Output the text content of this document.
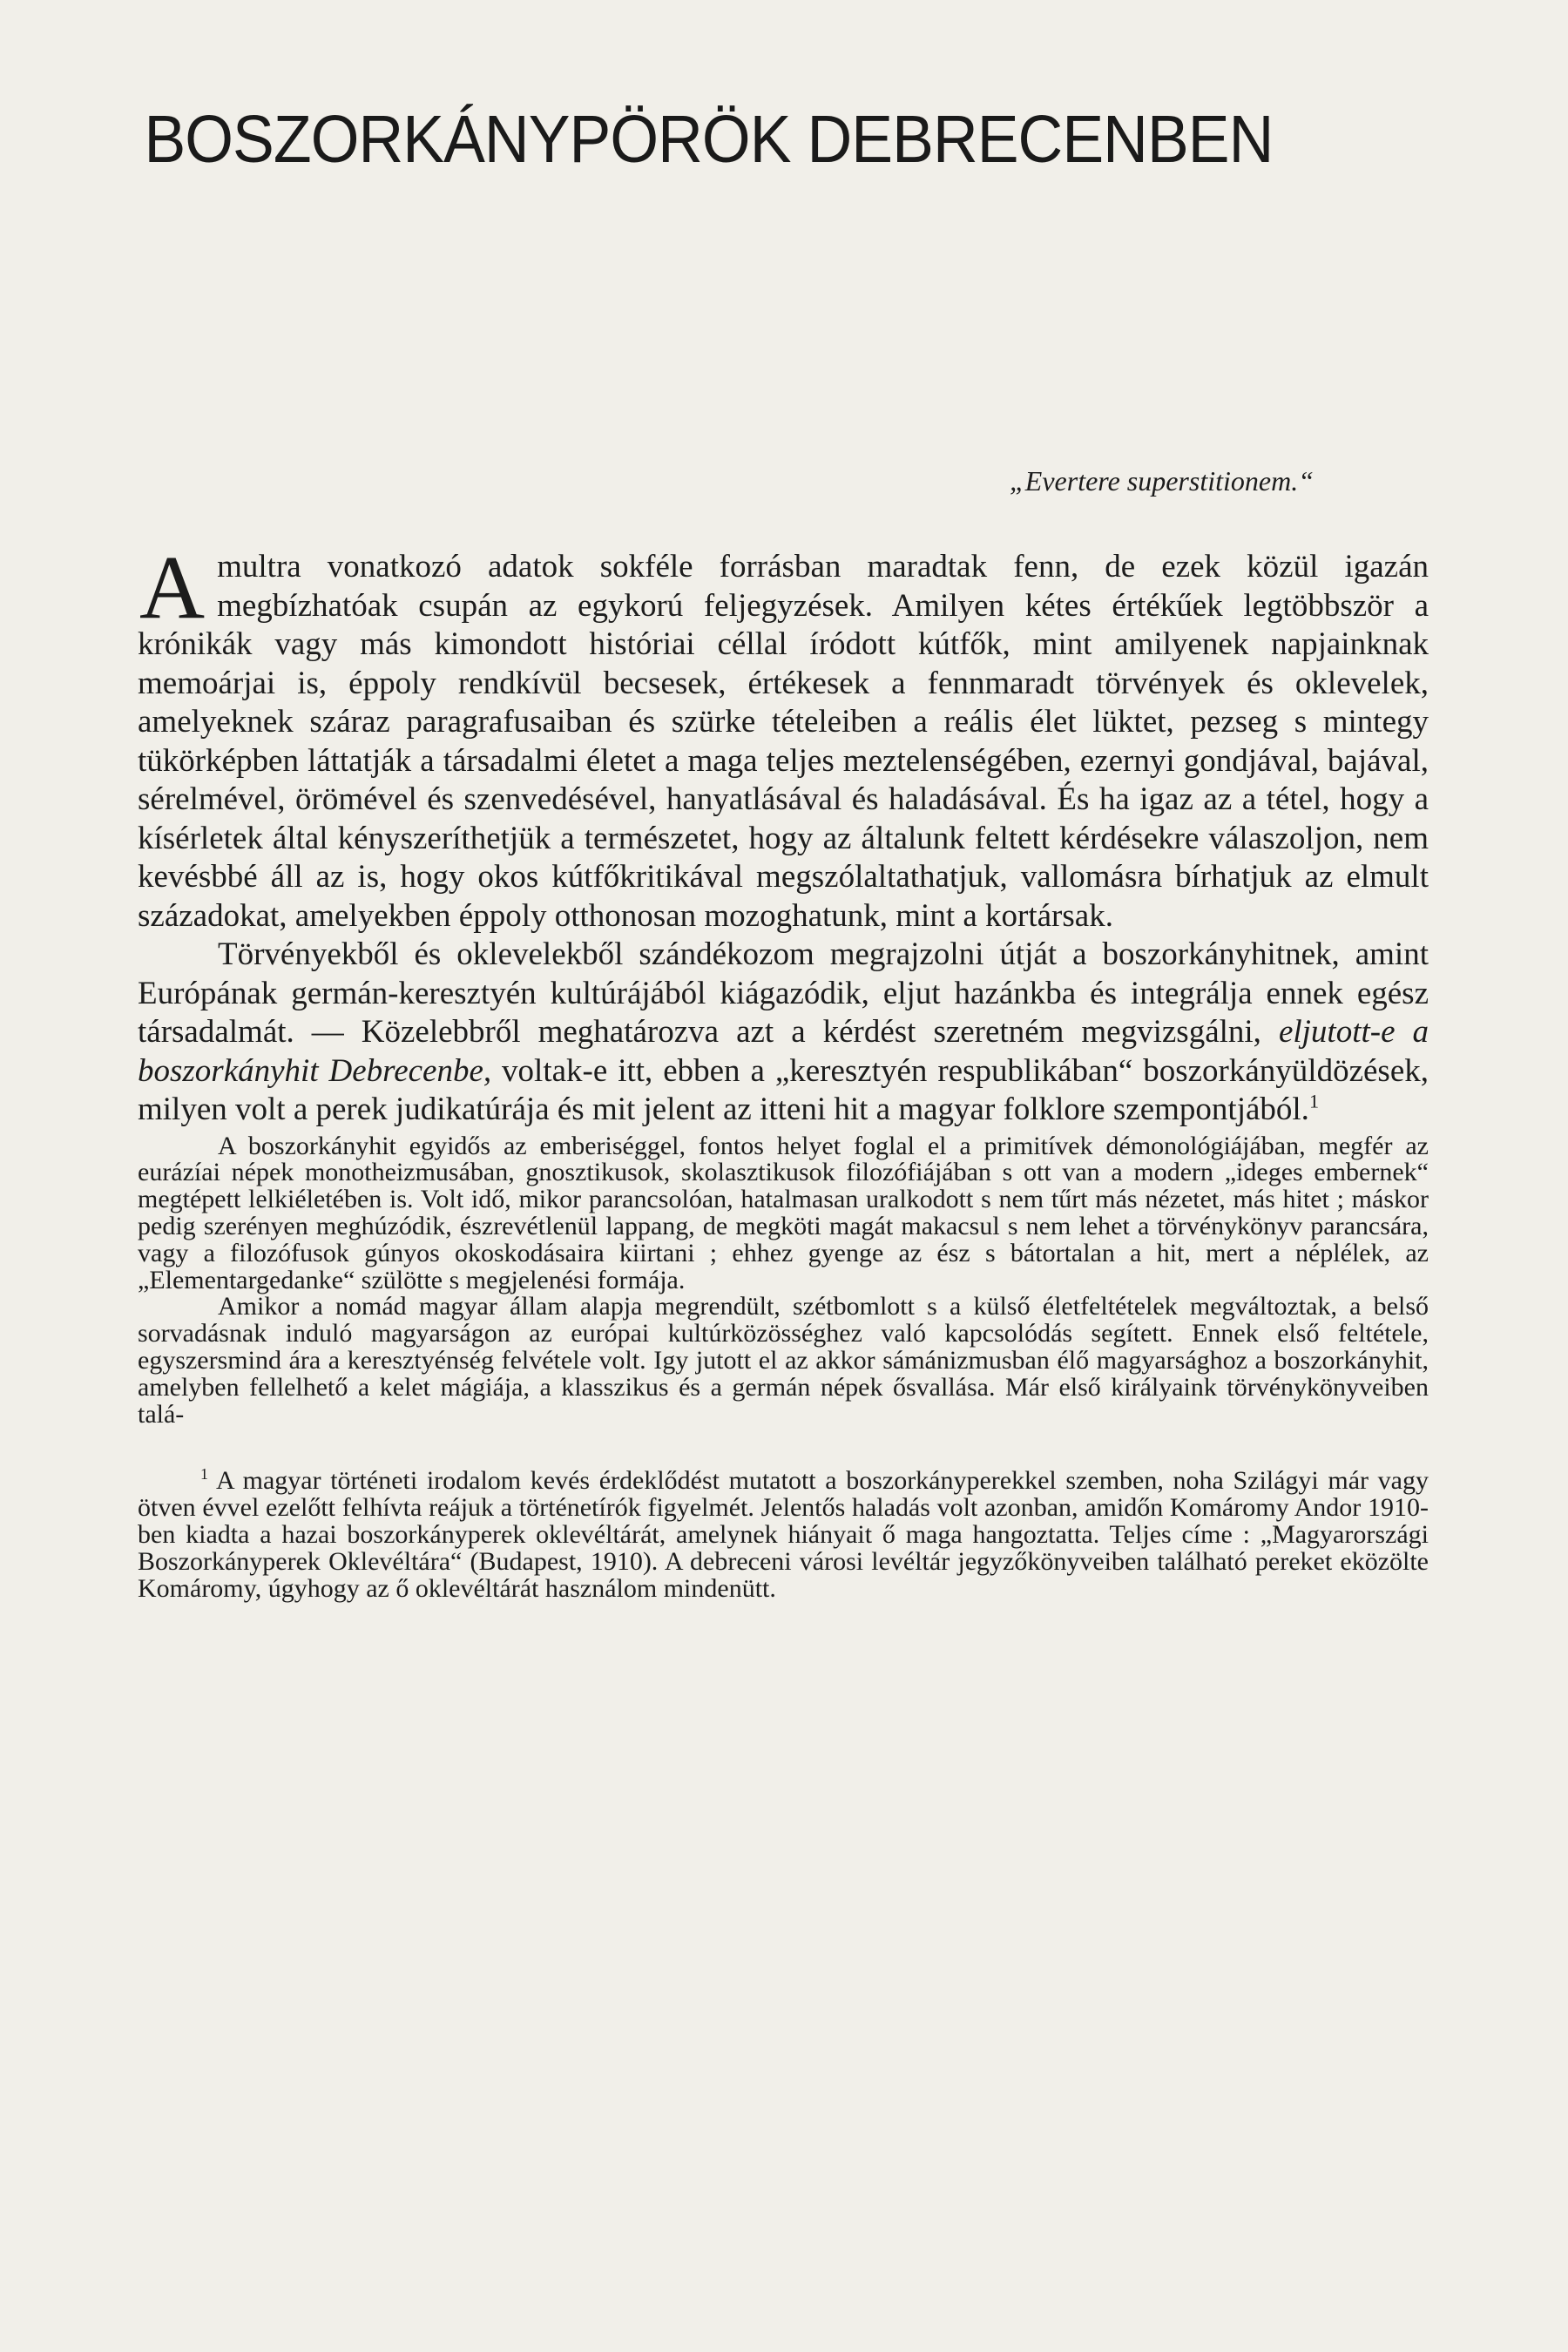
BOSZORKÁNYPÖRÖK DEBRECENBEN
„Evertere superstitionem.“

Amultra vonatkozó adatok sokféle forrásban maradtak fenn, de ezek közül igazán megbízhatóak csupán az egykorú feljegyzések. Amilyen kétes értékűek legtöbbször a krónikák vagy más kimondott históriai céllal íródott kútfők, mint amilyenek napjainknak memoárjai is, éppoly rendkívül becsesek, értékesek a fennmaradt törvények és oklevelek, amelyeknek száraz paragrafusaiban és szürke tételeiben a reális élet lüktet, pezseg s mintegy tükörképben láttatják a társadalmi életet a maga teljes meztelenségében, ezernyi gondjával, bajával, sérelmével, örömével és szenvedésével, hanyatlásával és haladásával. És ha igaz az a tétel, hogy a kísérletek által kényszeríthetjük a természetet, hogy az általunk feltett kérdésekre válaszoljon, nem kevésbbé áll az is, hogy okos kútfőkritikával megszólaltathatjuk, vallomásra bírhatjuk az elmult századokat, amelyekben éppoly otthonosan mozoghatunk, mint a kortársak.

Törvényekből és oklevelekből szándékozom megrajzolni útját a boszorkányhitnek, amint Európának germán-keresztyén kultúrájából kiágazódik, eljut hazánkba és integrálja ennek egész társadalmát. — Közelebbről meghatározva azt a kérdést szeretném megvizsgálni, eljutott-e a boszorkányhit Debrecenbe, voltak-e itt, ebben a „keresztyén respublikában“ boszorkányüldözések, milyen volt a perek judikatúrája és mit jelent az itteni hit a magyar folklore szempontjából.$^1$

A boszorkányhit egyidős az emberiséggel, fontos helyet foglal el a primitívek démonológiájában, megfér az eurázíai népek monotheizmusában, gnosztikusok, skolasztikusok filozófiájában s ott van a modern „ideges embernek“ megtépett lelkiéletében is. Volt idő, mikor parancsolóan, hatalmasan uralkodott s nem tűrt más nézetet, más hitet ; máskor pedig szerényen meghúzódik, észrevétlenül lappang, de megköti magát makacsul s nem lehet a törvénykönyv parancsára, vagy a filozófusok gúnyos okoskodásaira kiirtani ; ehhez gyenge az ész s bátortalan a hit, mert a néplélek, az „Elementargedanke“ szülötte s megjelenési formája.

Amikor a nomád magyar állam alapja megrendült, szétbomlott s a külső életfeltételek megváltoztak, a belső sorvadásnak induló magyarságon az európai kultúrközösséghez való kapcsolódás segített. Ennek első feltétele, egyszersmind ára a keresztyénség felvétele volt. Igy jutott el az akkor sámánizmusban élő magyarsághoz a boszorkányhit, amelyben fellelhető a kelet mágiája, a klasszikus és a germán népek ősvallása. Már első királyaink törvénykönyveiben talá-

$^1$ A magyar történeti irodalom kevés érdeklődést mutatott a boszorkányperekkel szemben, noha Szilágyi már vagy ötven évvel ezelőtt felhívta reájuk a történetírók figyelmét. Jelentős haladás volt azonban, amidőn Komáromy Andor 1910-ben kiadta a hazai boszorkányperek oklevéltárát, amelynek hiányait ő maga hangoztatta. Teljes címe : „Magyarországi Boszorkányperek Oklevéltára“ (Budapest, 1910). A debreceni városi levéltár jegyzőkönyveiben található pereket eközölte Komáromy, úgyhogy az ő oklevéltárát használom mindenütt.
